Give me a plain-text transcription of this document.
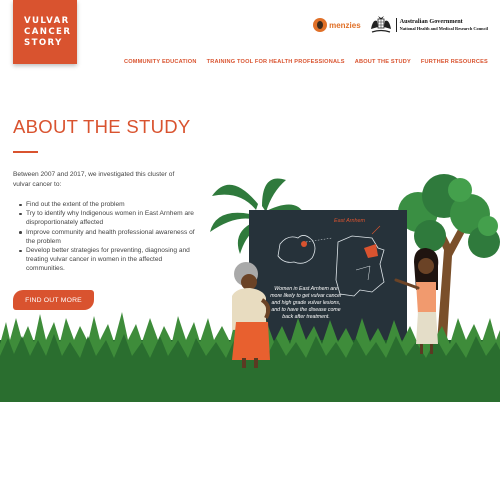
VULVAR
CANCER
STORY
menzies	Australian Government
National Health and Medical Research Council
COMMUNITY EDUCATION TRAINING TOOL FOR HEALTH PROFESSIONALS ABOUT THE STUDY FURTHER RESOURCES
East Arnhem
Women in East Arnhem are more likely to get vulvar cancer and high grade vulvar lesions, and to have the disease come back after treatment.
ABOUT THE STUDY

Between 2007 and 2017, we investigated this cluster of vulvar cancer to:

Find out the extent of the problem
Try to identify why Indigenous women in East Arnhem are disproportionately affected
Improve community and health professional awareness of the problem
Develop better strategies for preventing, diagnosing and treating vulvar cancer in women in the affected communities.
FIND OUT MORE
